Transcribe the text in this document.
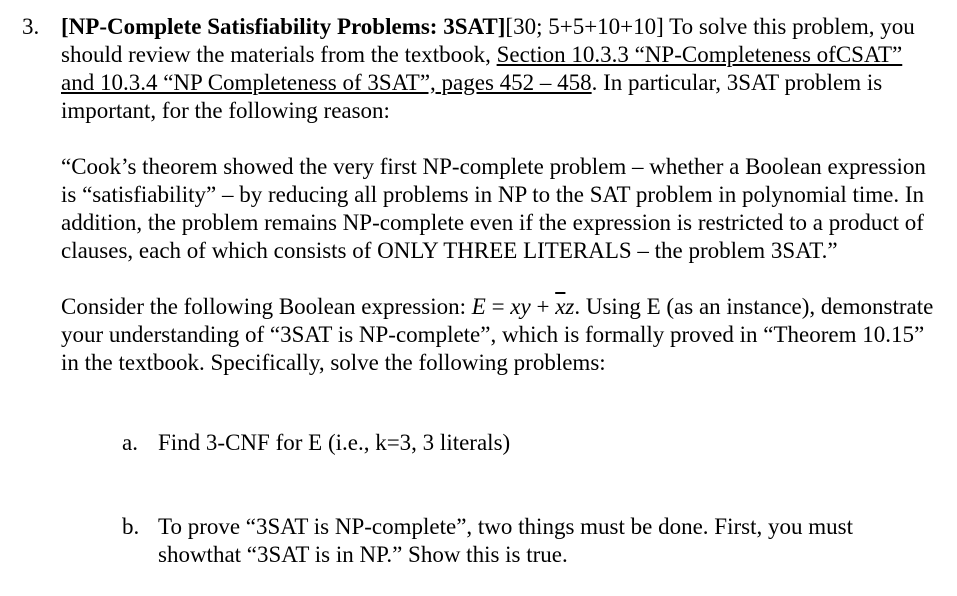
3. [NP-Complete Satisfiability Problems: 3SAT][30; 5+5+10+10] To solve this problem, you should review the materials from the textbook, Section 10.3.3 “NP-Completeness ofCSAT” and 10.3.4 “NP Completeness of 3SAT”, pages 452 – 458. In particular, 3SAT problem is important, for the following reason:

“Cook’s theorem showed the very first NP-complete problem – whether a Boolean expression is “satisfiability” – by reducing all problems in NP to the SAT problem in polynomial time. In addition, the problem remains NP-complete even if the expression is restricted to a product of clauses, each of which consists of ONLY THREE LITERALS – the problem 3SAT.”

Consider the following Boolean expression: E = xy + $\overline{x}z$. Using E (as an instance), demonstrate your understanding of “3SAT is NP-complete”, which is formally proved in “Theorem 10.15” in the textbook. Specifically, solve the following problems:

a. Find 3-CNF for E (i.e., k=3, 3 literals)
b. To prove “3SAT is NP-complete”, two things must be done. First, you must showthat “3SAT is in NP.” Show this is true.
